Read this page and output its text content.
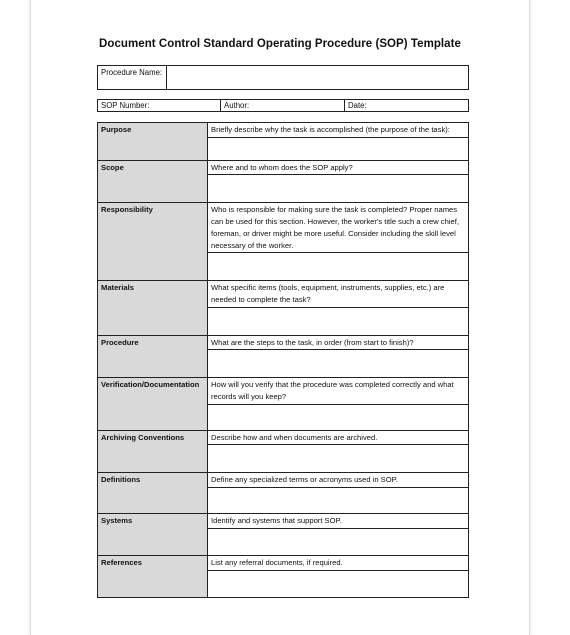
Document Control Standard Operating Procedure (SOP) Template
Procedure Name:
SOP Number:	Author:	Date:
Purpose	Briefly describe why the task is accomplished (the purpose of the task):

Scope	Where and to whom does the SOP apply?

Responsibility	Who is responsible for making sure the task is completed? Proper names can be used for this section. However, the worker's title such a crew chief, foreman, or driver might be more useful. Consider including the skill level necessary of the worker.

Materials	What specific items (tools, equipment, instruments, supplies, etc.) are needed to complete the task?

Procedure	What are the steps to the task, in order (from start to finish)?

Verification/Documentation	How will you verify that the procedure was completed correctly and what records will you keep?

Archiving Conventions	Describe how and when documents are archived.

Definitions	Define any specialized terms or acronyms used in SOP.

Systems	Identify and systems that support SOP.

References	List any referral documents, if required.
